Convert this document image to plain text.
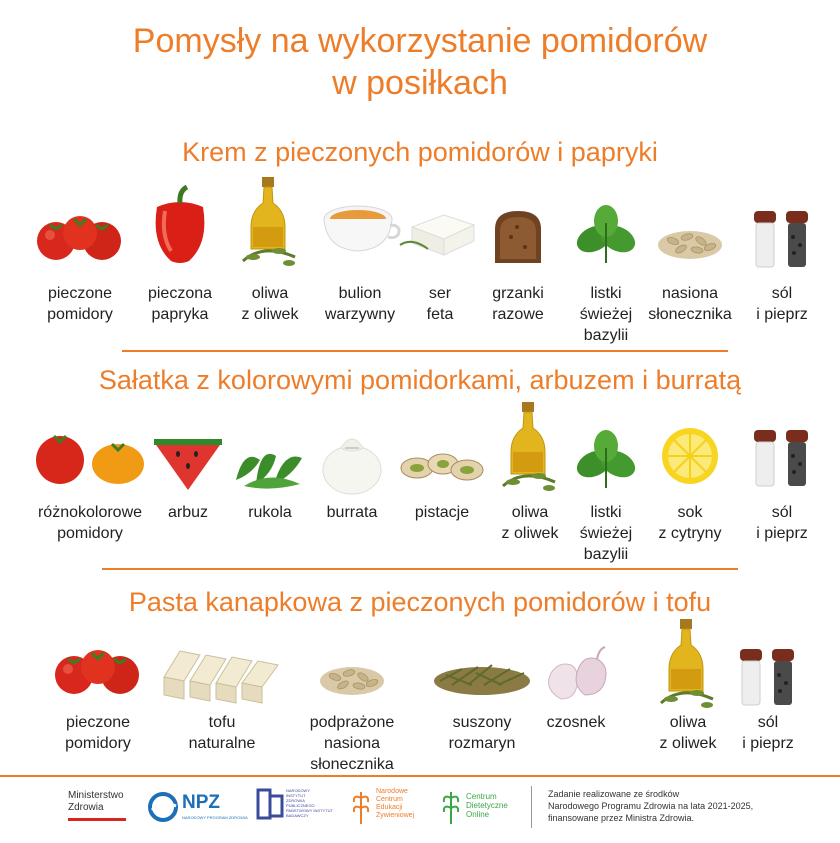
Pomysły na wykorzystanie pomidorów
w posiłkach
Krem z pieczonych pomidorów i papryki
pieczone
pomidory
pieczona
papryka
oliwa
z oliwek
bulion
warzywny
ser
feta
grzanki
razowe
listki
świeżej
bazylii
nasiona
słonecznika
sól
i pieprz
Sałatka z kolorowymi pomidorkami, arbuzem i burratą
różnokolorowe
pomidory
arbuz	rukola	burrata	pistacje	oliwa
z oliwek
listki
świeżej
bazylii
sok
z cytryny
sól
i pieprz
Pasta kanapkowa z pieczonych pomidorów i tofu
pieczone
pomidory
tofu
naturalne
podprażone
nasiona
słonecznika
suszony
rozmaryn
czosnek	oliwa
z oliwek
sól
i pieprz
Ministerstwo
Zdrowia	NPZ
NARODOWY PROGRAM ZDROWIA
NARODOWY
INSTYTUT
ZDROWIA
PUBLICZNEGO
PAŃSTWOWY INSTYTUT
BADAWCZY
Narodowe
Centrum
Edukacji
Żywieniowej
Centrum
Dietetyczne
Online
Zadanie realizowane ze środków
Narodowego Programu Zdrowia na lata 2021-2025,
finansowane przez Ministra Zdrowia.
